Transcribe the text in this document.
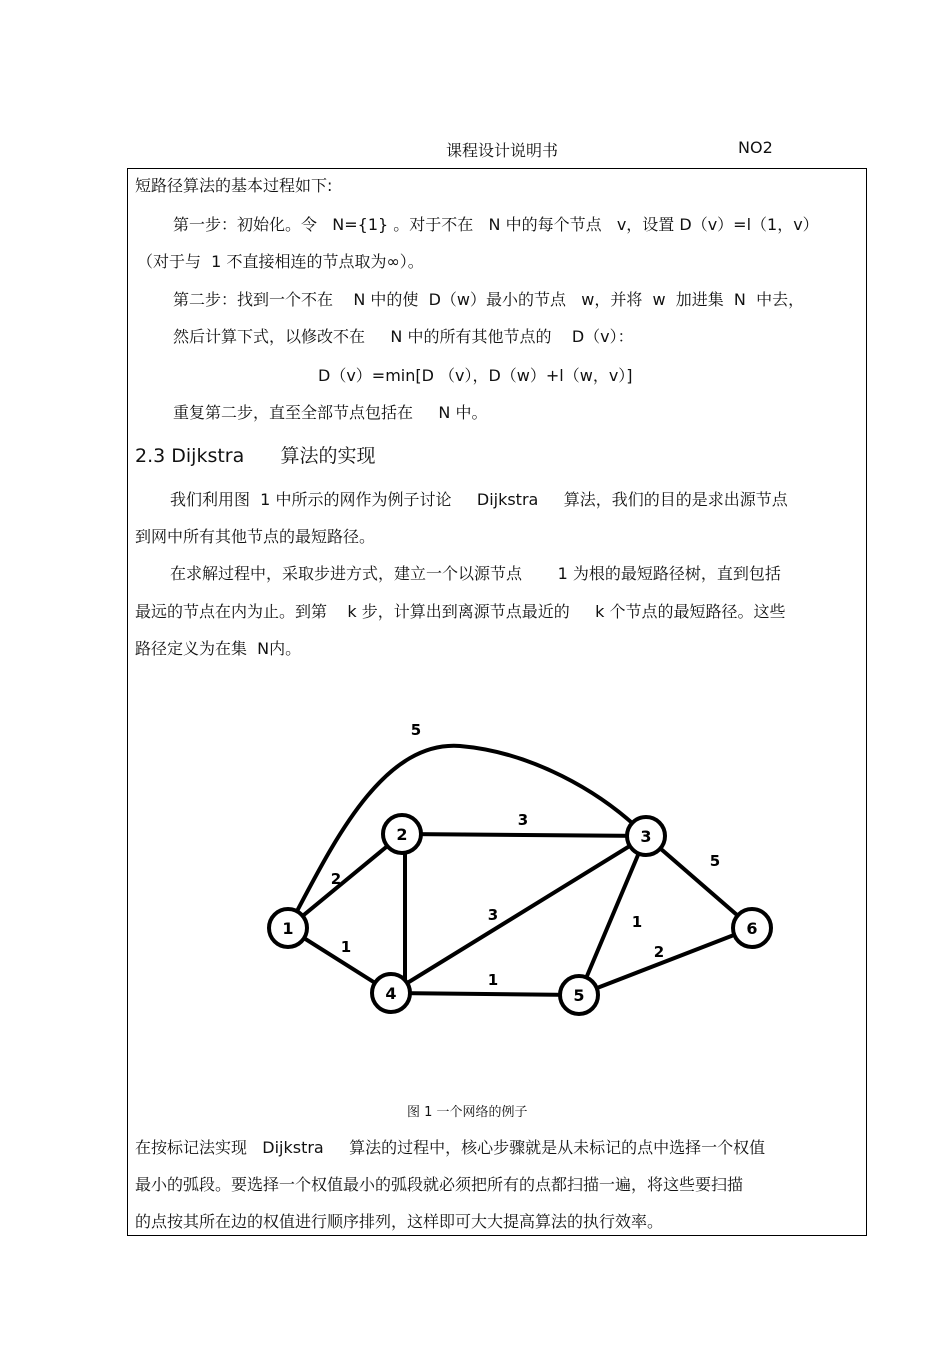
课程设计说明书	NO2
短路径算法的基本过程如下:
第一步：初始化。令   N={1} 。对于不在   N 中的每个节点   v，设置 D（v）=l（1，v）
（对于与  1 不直接相连的节点取为∞）。
第二步：找到一个不在    N 中的使  D（w）最小的节点   w，并将  w  加进集  N  中去，
然后计算下式，以修改不在     N 中的所有其他节点的    D（v）：
D（v）=min[D （v），D（w）+l（w，v）]
重复第二步，直至全部节点包括在     N 中。
2.3 Dijkstra      算法的实现
我们利用图  1 中所示的网作为例子讨论     Dijkstra     算法，我们的目的是求出源节点
到网中所有其他节点的最短路径。
在求解过程中，采取步进方式，建立一个以源节点       1 为根的最短路径树，直到包括
最远的节点在内为止。到第    k 步，计算出到离源节点最近的     k 个节点的最短路径。这些
路径定义为在集  N内。
5
3
2
5
3	1
1	2
1
1
2	3
4	5
6
图 1 一个网络的例子
在按标记法实现   Dijkstra     算法的过程中，核心步骤就是从未标记的点中选择一个权值
最小的弧段。要选择一个权值最小的弧段就必须把所有的点都扫描一遍，将这些要扫描
的点按其所在边的权值进行顺序排列，这样即可大大提高算法的执行效率。
